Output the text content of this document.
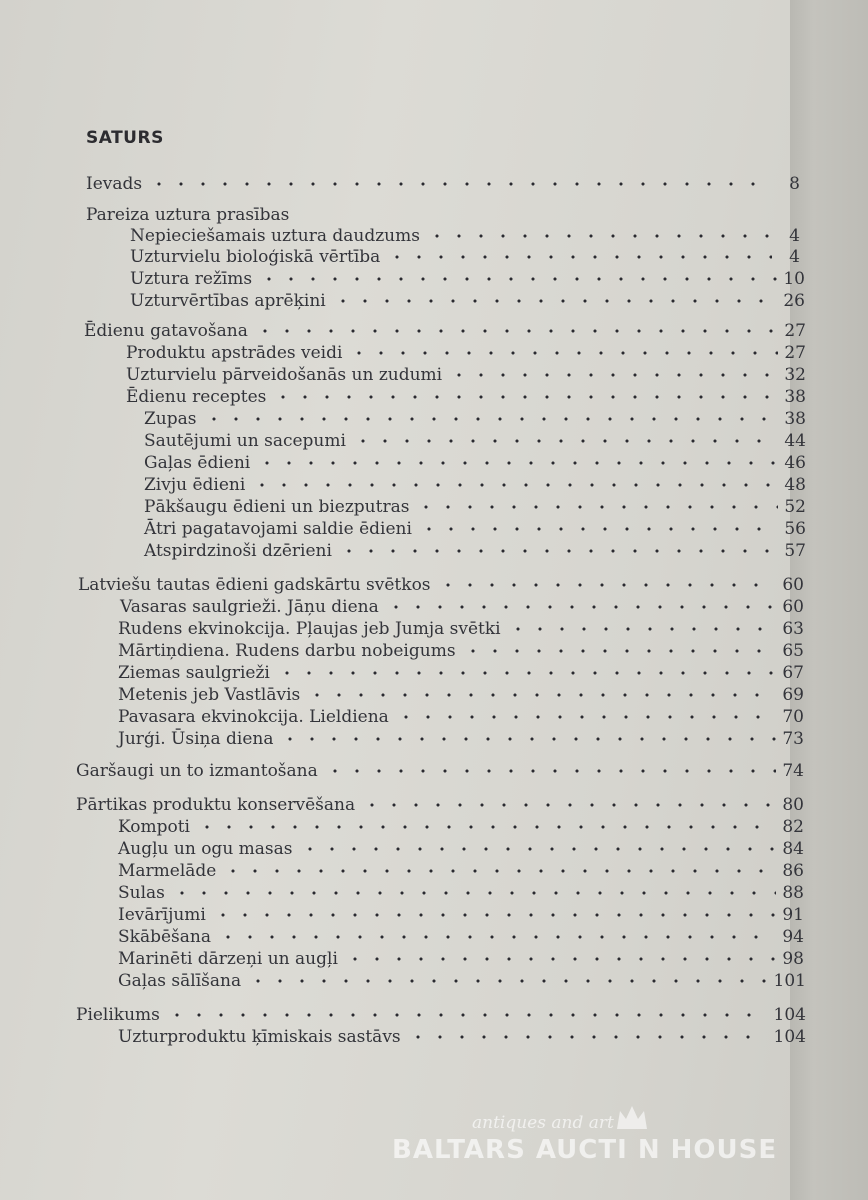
SATURS
Ievads	8
Pareiza uztura prasības
Nepieciešamais uztura daudzums	4
Uzturvielu bioloģiskā vērtība	4
Uztura režīms	10
Uzturvērtības aprēķini	26
Ēdienu gatavošana	27
Produktu apstrādes veidi	27
Uzturvielu pārveidošanās un zudumi	32
Ēdienu receptes	38
Zupas	38
Sautējumi un sacepumi	44
Gaļas ēdieni	46
Zivju ēdieni	48
Pākšaugu ēdieni un biezputras	52
Ātri pagatavojami saldie ēdieni	56
Atspirdzinoši dzērieni	57
Latviešu tautas ēdieni gadskārtu svētkos	60
Vasaras saulgrieži. Jāņu diena	60
Rudens ekvinokcija. Pļaujas jeb Jumja svētki	63
Mārtiņdiena. Rudens darbu nobeigums	65
Ziemas saulgrieži	67
Metenis jeb Vastlāvis	69
Pavasara ekvinokcija. Lieldiena	70
Jurģi. Ūsiņa diena	73
Garšaugi un to izmantošana	74
Pārtikas produktu konservēšana	80
Kompoti	82
Augļu un ogu masas	84
Marmelāde	86
Sulas	88
Ievārījumi	91
Skābēšana	94
Marinēti dārzeņi un augļi	98
Gaļas sālīšana	101
Pielikums	104
Uzturproduktu ķīmiskais sastāvs	104
antiques and art
BALTARS AUCTI N HOUSE
